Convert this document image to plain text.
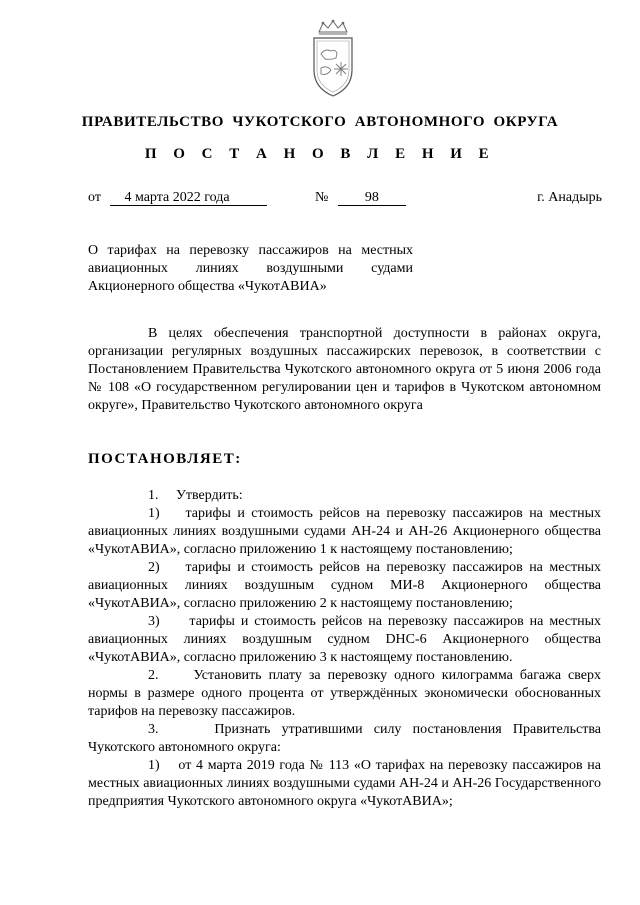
ПРАВИТЕЛЬСТВО ЧУКОТСКОГО АВТОНОМНОГО ОКРУГА
П О С Т А Н О В Л Е Н И Е
от 4 марта 2022 года	№	98	г. Анадырь
О тарифах на перевозку пассажиров на местных
авиационных линиях воздушными судами
Акционерного общества «ЧукотАВИА»

В целях обеспечения транспортной доступности в районах округа, организации регулярных воздушных пассажирских перевозок, в соответствии с Постановлением Правительства Чукотского автономного округа от 5 июня 2006 года № 108 «О государственном регулировании цен и тарифов в Чукотском автономном округе», Правительство Чукотского автономного округа

ПОСТАНОВЛЯЕТ:

1.     Утвердить:

1)    тарифы и стоимость рейсов на перевозку пассажиров на местных авиационных линиях воздушными судами АН-24 и АН-26 Акционерного общества «ЧукотАВИА», согласно приложению 1 к настоящему постановлению;

2)    тарифы и стоимость рейсов на перевозку пассажиров на местных авиационных линиях воздушным судном МИ-8 Акционерного общества «ЧукотАВИА», согласно приложению 2 к настоящему постановлению;

3)     тарифы и стоимость рейсов на перевозку пассажиров на местных авиационных линиях воздушным судном DHC-6 Акционерного общества «ЧукотАВИА», согласно приложению 3 к настоящему постановлению.

2.     Установить плату за перевозку одного килограмма багажа сверх нормы в размере одного процента от утверждённых экономически обоснованных тарифов на перевозку пассажиров.

3.     Признать утратившими силу постановления Правительства Чукотского автономного округа:

1)    от 4 марта 2019 года № 113 «О тарифах на перевозку пассажиров на местных авиационных линиях воздушными судами АН-24 и АН-26 Государственного предприятия Чукотского автономного округа «ЧукотАВИА»;
